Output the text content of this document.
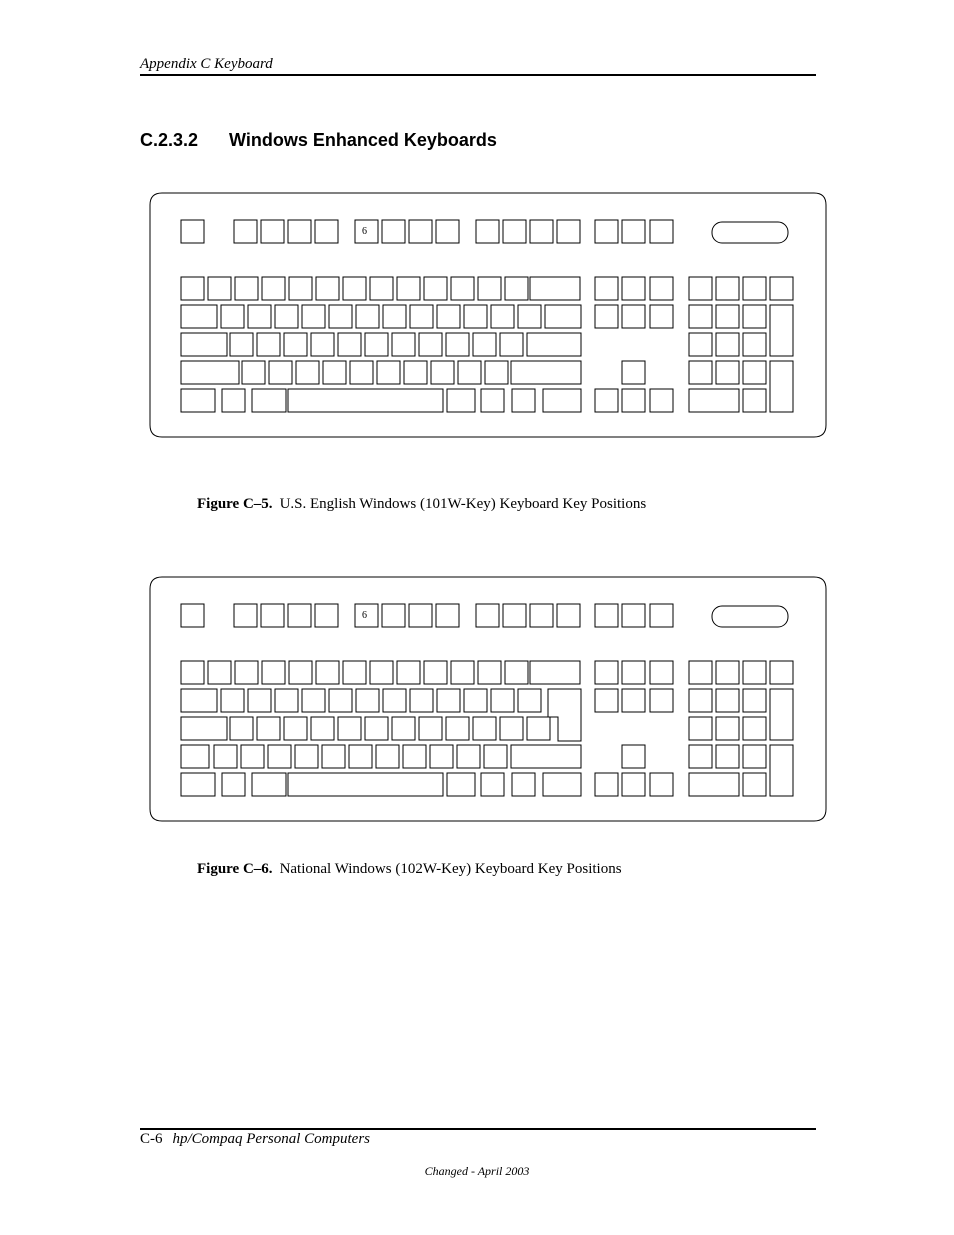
Appendix C Keyboard
C.2.3.2 Windows Enhanced Keyboards
6
Figure C–5. U.S. English Windows (101W-Key) Keyboard Key Positions
6
Figure C–6. National Windows (102W-Key) Keyboard Key Positions
C-6 hp/Compaq Personal Computers
Changed - April 2003
